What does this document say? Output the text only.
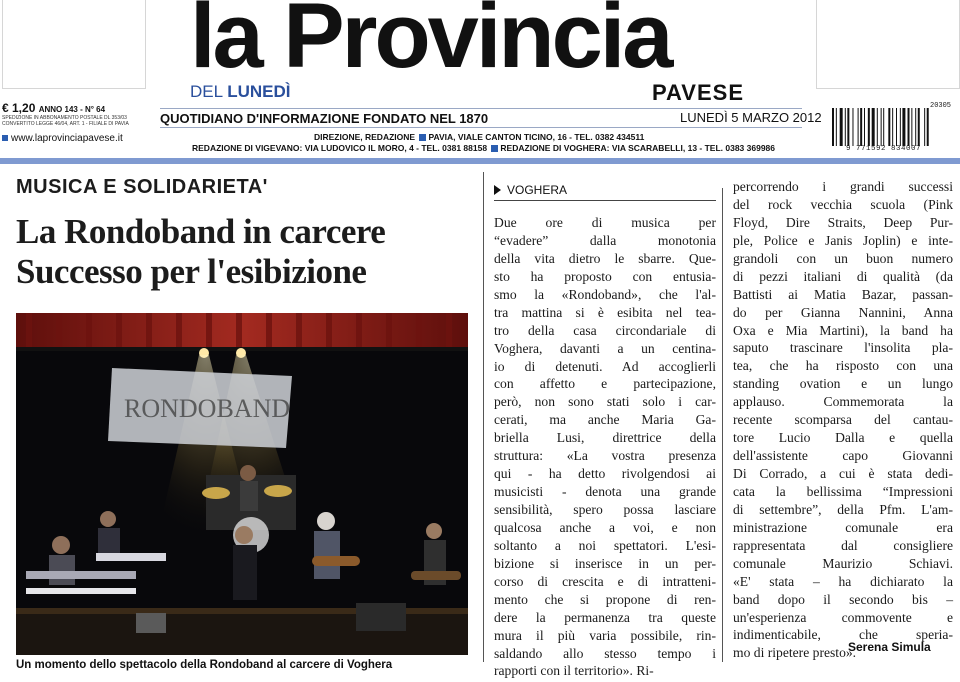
la Provincia
DEL LUNEDÌ	PAVESE
€ 1,20 ANNO 143 - N° 64
SPEDIZIONE IN ABBONAMENTO POSTALE DL 353/03 CONVERTITO LEGGE 46/04, ART. 1 - FILIALE DI PAVIA
www.laprovinciapavese.it
QUOTIDIANO D'INFORMAZIONE FONDATO NEL 1870	LUNEDÌ 5 MARZO 2012
DIREZIONE, REDAZIONE PAVIA, VIALE CANTON TICINO, 16 - TEL. 0382 434511
REDAZIONE DI VIGEVANO: VIA LUDOVICO IL MORO, 4 - TEL. 0381 88158 REDAZIONE DI VOGHERA: VIA SCARABELLI, 13 - TEL. 0383 369986
20305
9 771592 834007
MUSICA E SOLIDARIETA'
La Rondoband in carcere
Successo per l'esibizione
RONDOBAND
Un momento dello spettacolo della Rondoband al carcere di Voghera
VOGHERA
Due ore di musica per
“evadere” dalla monotonia
della vita dietro le sbarre. Que-
sto ha proposto con entusia-
smo la «Rondoband», che l'al-
tra mattina si è esibita nel tea-
tro della casa circondariale di
Voghera, davanti a un centina-
io di detenuti. Ad accoglierli
con affetto e partecipazione,
però, non sono stati solo i car-
cerati, ma anche Maria Ga-
briella Lusi, direttrice della
struttura: «La vostra presenza
qui - ha detto rivolgendosi ai
musicisti - denota una grande
sensibilità, spero possa lasciare
qualcosa anche a voi, e non
soltanto a noi spettatori. L'esi-
bizione si inserisce in un per-
corso di crescita e di intratteni-
mento che si propone di ren-
dere la permanenza tra queste
mura il più varia possibile, rin-
saldando allo stesso tempo i
rapporti con il territorio». Ri-
percorrendo i grandi successi
del rock vecchia scuola (Pink
Floyd, Dire Straits, Deep Pur-
ple, Police e Janis Joplin) e inte-
grandoli con un buon numero
di pezzi italiani di qualità (da
Battisti ai Matia Bazar, passan-
do per Gianna Nannini, Anna
Oxa e Mia Martini), la band ha
saputo trascinare l'insolita pla-
tea, che ha risposto con una
standing ovation e un lungo
applauso. Commemorata la
recente scomparsa del cantau-
tore Lucio Dalla e quella
dell'assistente capo Giovanni
Di Corrado, a cui è stata dedi-
cata la bellissima “Impressioni
di settembre”, della Pfm. L'am-
ministrazione comunale era
rappresentata dal consigliere
comunale Maurizio Schiavi.
«E' stata – ha dichiarato la
band dopo il secondo bis –
un'esperienza commovente e
indimenticabile, che speria-
mo di ripetere presto».
Serena Simula
